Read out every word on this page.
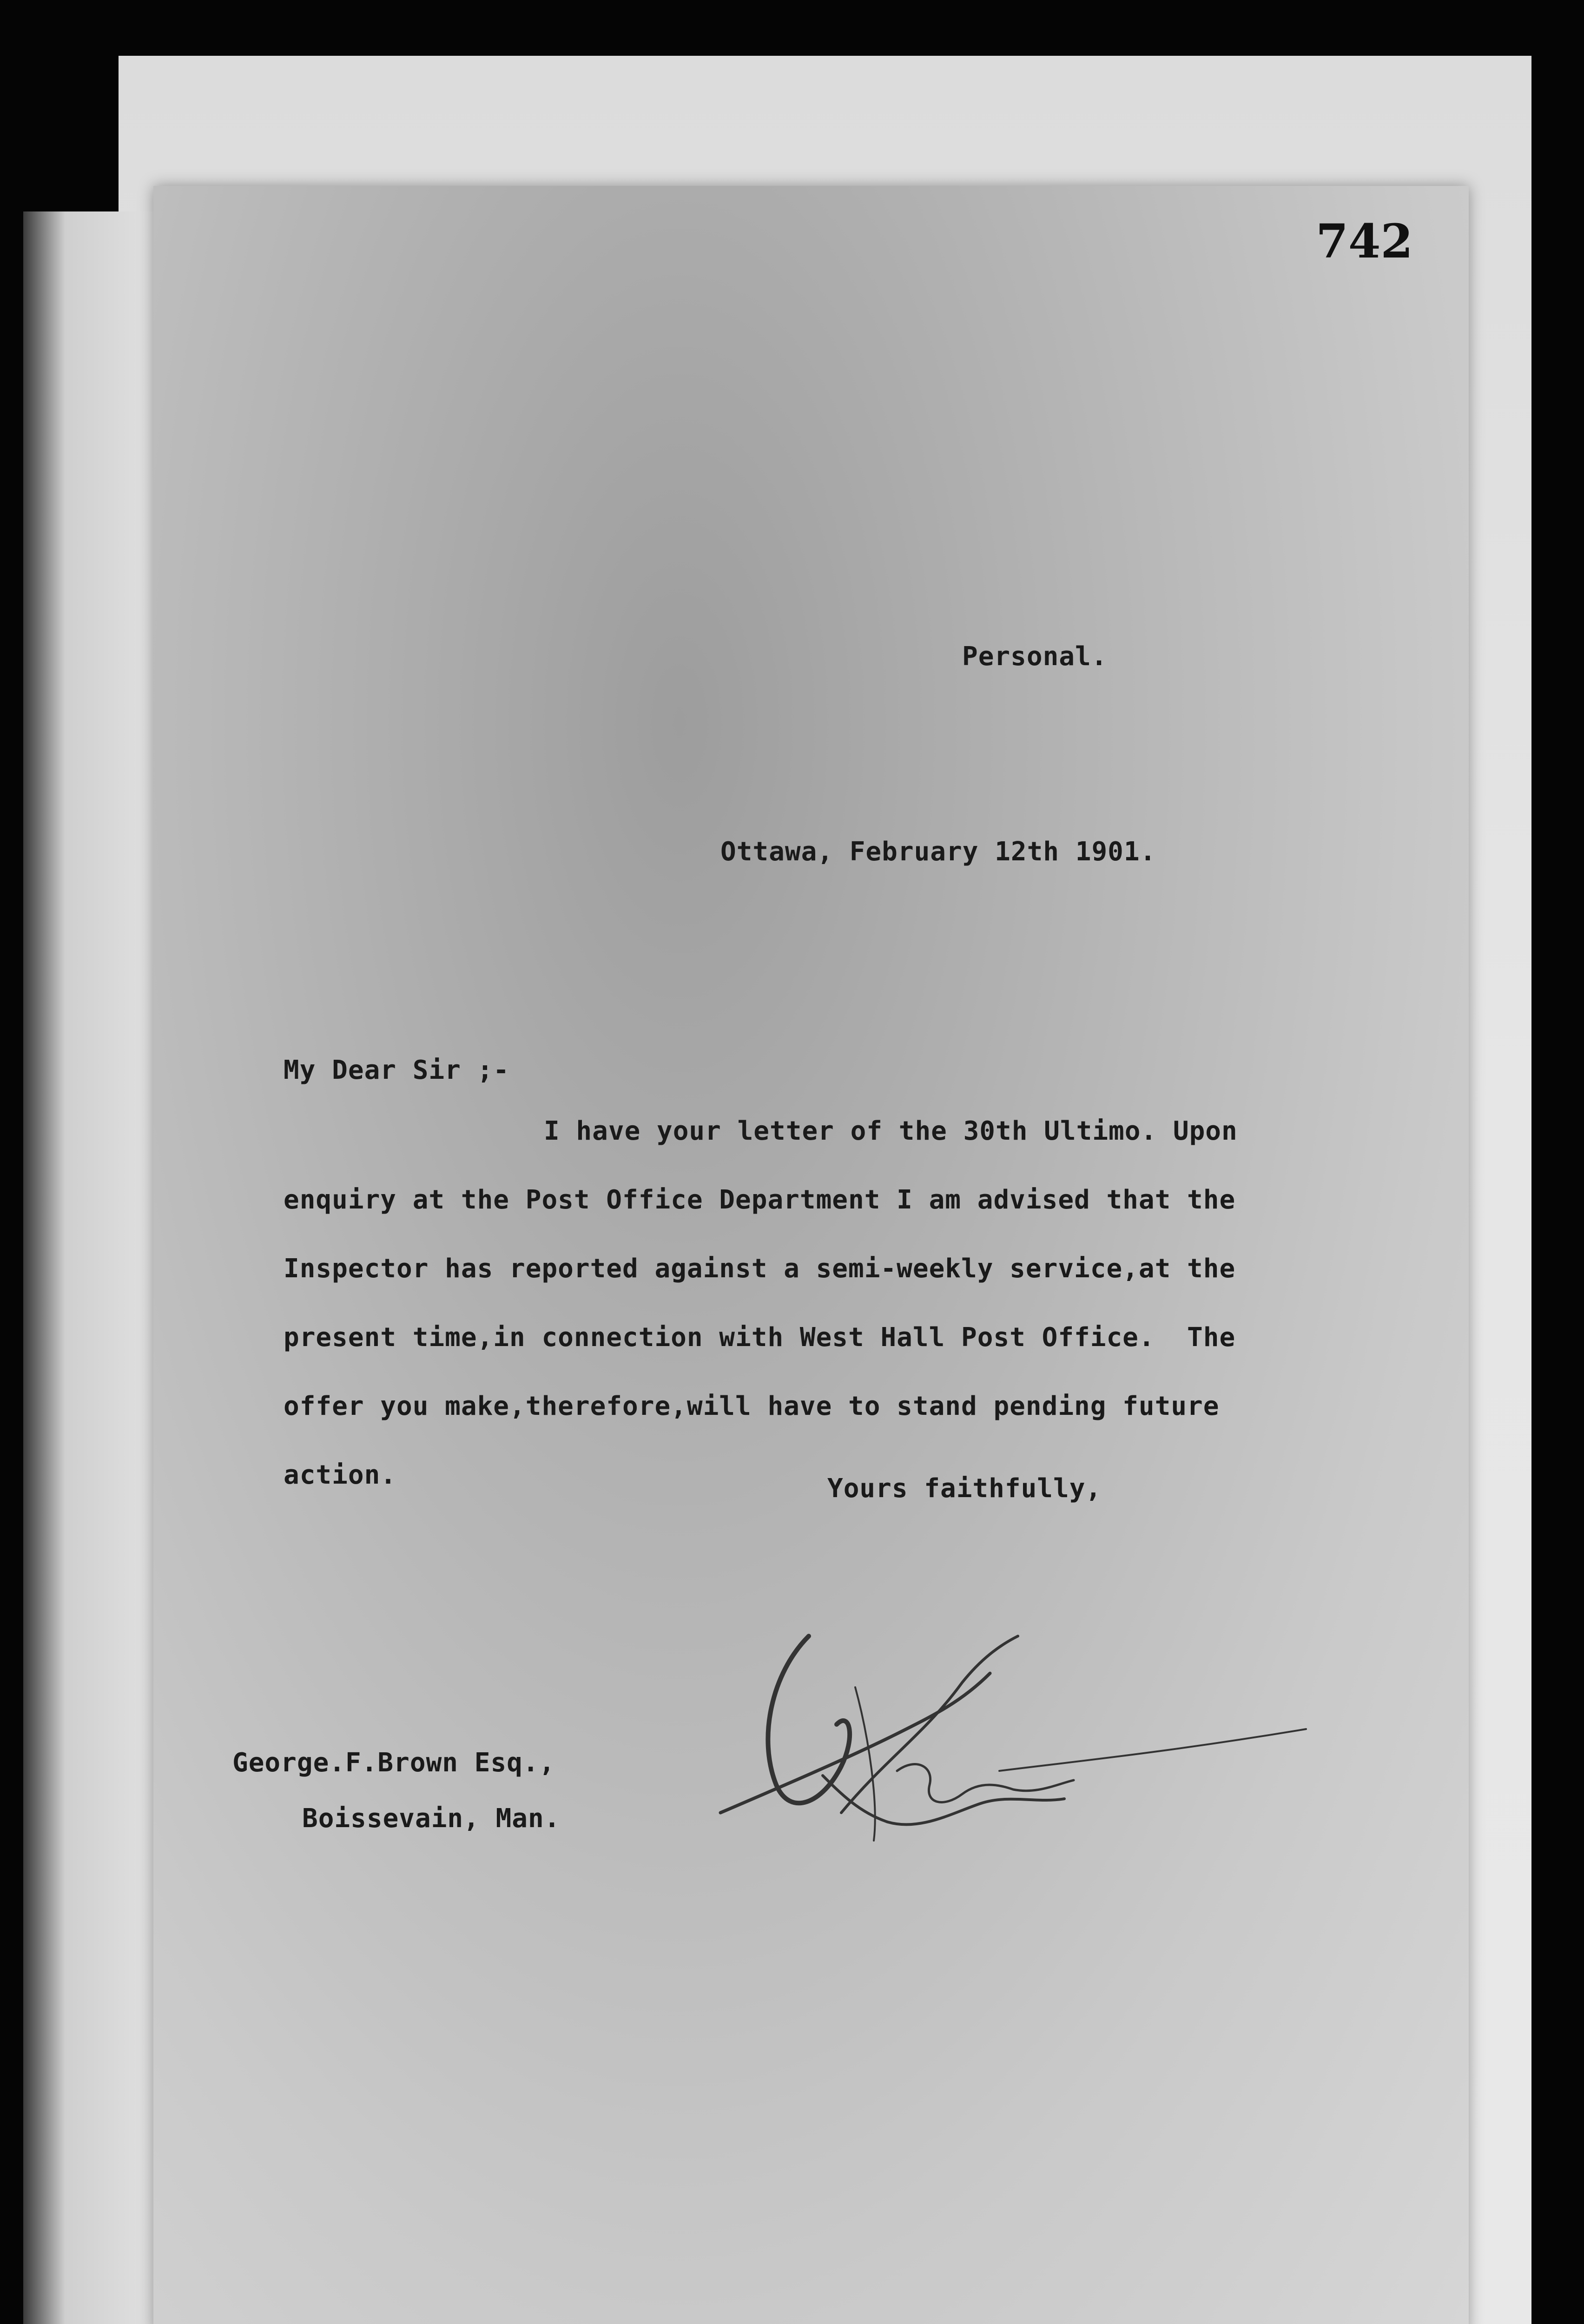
742
Personal.
Ottawa, February 12th 1901.
My Dear Sir ;-
I have your letter of the 30th Ultimo. Upon
enquiry at the Post Office Department I am advised that the
Inspector has reported against a semi-weekly service,at the
present time,in connection with West Hall Post Office.  The
offer you make,therefore,will have to stand pending future
action.	Yours faithfully,
George.F.Brown Esq.,
Boissevain, Man.
